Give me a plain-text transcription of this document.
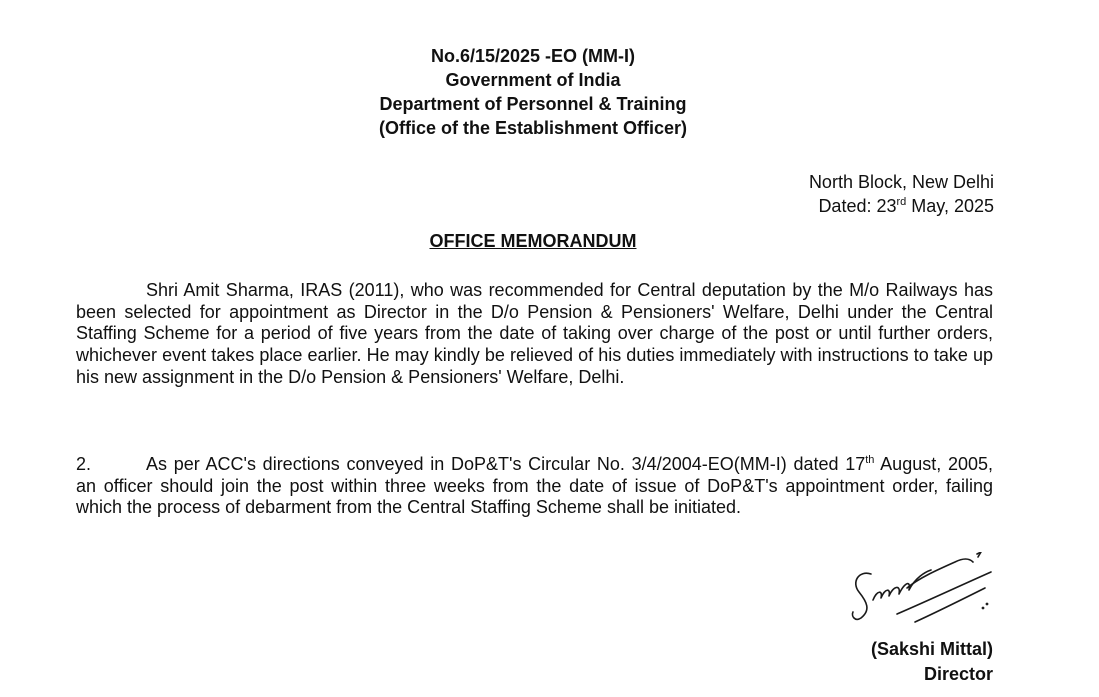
No.6/15/2025 -EO (MM-I)
Government of India
Department of Personnel & Training
(Office of the Establishment Officer)
North Block, New Delhi
Dated: 23rd May, 2025
OFFICE MEMORANDUM

Shri Amit Sharma, IRAS (2011), who was recommended for Central deputation by the M/o Railways has been selected for appointment as Director in the D/o Pension & Pensioners' Welfare, Delhi under the Central Staffing Scheme for a period of five years from the date of taking over charge of the post or until further orders, whichever event takes place earlier. He may kindly be relieved of his duties immediately with instructions to take up his new assignment in the D/o Pension & Pensioners' Welfare, Delhi.

2.	As per ACC's directions conveyed in DoP&T's Circular No. 3/4/2004-EO(MM-I) dated 17th August, 2005, an officer should join the post within three weeks from the date of issue of DoP&T's appointment order, failing which the process of debarment from the Central Staffing Scheme shall be initiated.

(Sakshi Mittal)
Director
